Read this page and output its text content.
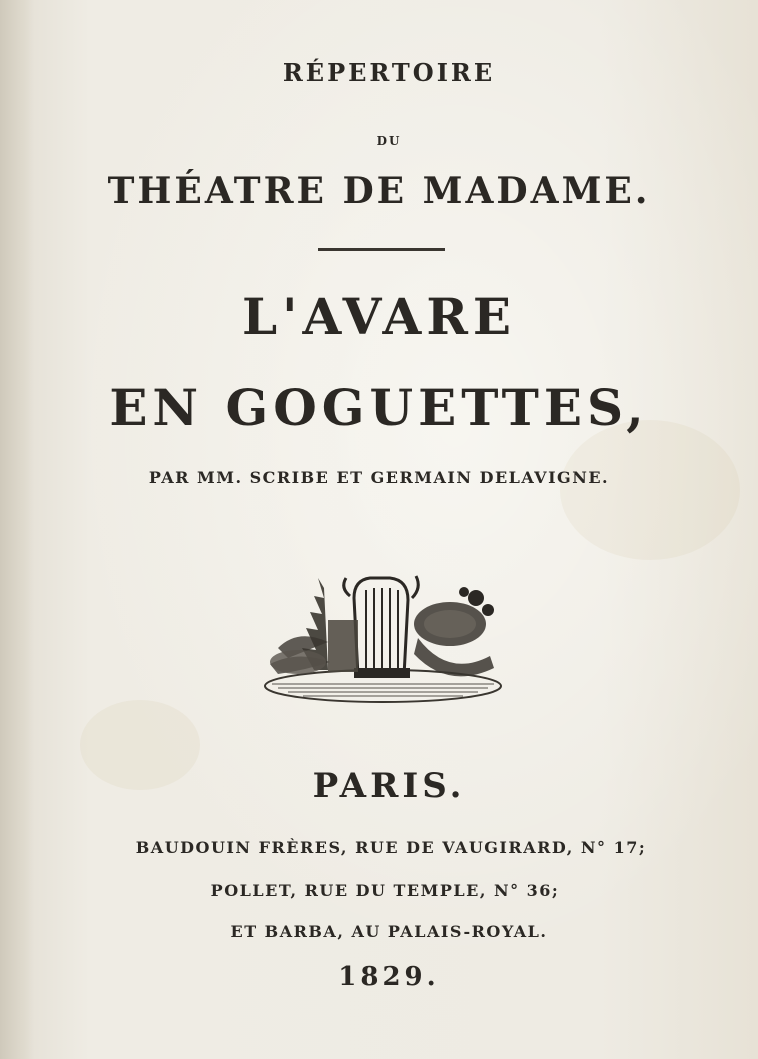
RÉPERTOIRE
DU
THÉATRE DE MADAME.
L'AVARE
EN GOGUETTES,
PAR MM. SCRIBE ET GERMAIN DELAVIGNE.
PARIS.
BAUDOUIN FRÈRES, RUE DE VAUGIRARD, N° 17;
POLLET, RUE DU TEMPLE, N° 36;
ET BARBA, AU PALAIS-ROYAL.
1829.
